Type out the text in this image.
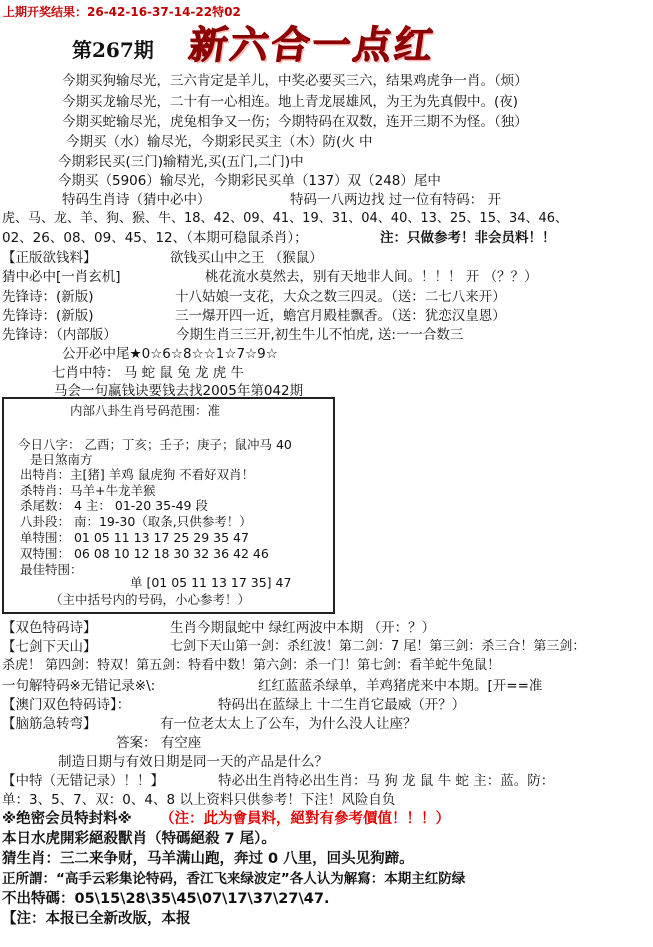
上期开奖结果：26-42-16-37-14-22特02
第267期 新六合一点红
今期买狗输尽光，三六肯定是羊儿，中奖必要买三六，结果鸡虎争一肖。（烦）
今期买龙输尽光，二十有一心相连。地上青龙展雄风，为王为先真假中。(夜)
今期买蛇输尽光，虎兔相争又一伤；今期特码在双数，连开三期不为怪。（独）
今期买（水）输尽光，今期彩民买主（木）防(火 中
今期彩民买(三门)输精光,买(五门,二门)中
今期买（5906）输尽光，今期彩民买单（137）双（248）尾中
特码生肖诗（猜中必中）	特码一八两边找 过一位有特码： 开
虎、马、龙、羊、狗、猴、牛、18、42、09、41、19、31、04、40、13、25、15、34、46、
02、26、08、09、45、12、（本期可稳鼠杀肖）；	注：只做参考！非会员料！！
【正版欲钱料】	欲钱买山中之王 （猴鼠）
猜中必中[一肖玄机]	桃花流水莫然去，别有天地非人间。！！！ 开 （？？）
先锋诗：(新版)	十八姑娘一支花，大众之数三四灵。（送：二七八来开）
先锋诗：(新版)	三一爆开四一近，蟾宫月殿桂飘香。（送：犹恋汉皇恩）
先锋诗：（内部版）	今期生肖三三开,初生牛儿不怕虎, 送:一一合数三
公开必中尾★0☆6☆8☆☆1☆7☆9☆
七肖中特： 马 蛇 鼠 兔 龙 虎 牛
马会一句赢钱诀要钱去找2005年第042期
内部八卦生肖号码范围：准
今日八字： 乙酉；丁亥；壬子；庚子；鼠冲马 40
是日煞南方
出特肖：主[猪] 羊鸡 鼠虎狗 不看好双肖！
杀特肖：马羊+牛龙羊猴
杀尾数： 4 主： 01-20 35-49 段
八卦段： 南：19-30（取条,只供参考！）
单特围： 01 05 11 13 17 25 29 35 47
双特围： 06 08 10 12 18 30 32 36 42 46
最佳特围：
单 [01 05 11 13 17 35] 47
（主中括号内的号码，小心参考！）
【双色特码诗】	生肖今期鼠蛇中 绿红两波中本期 （开：？）
【七剑下天山】	七剑下天山第一剑：杀红波！第二剑：7 尾！第三剑：杀三合！第三剑：
杀虎！ 第四剑：特双！第五剑：特看中数！第六剑：杀一门！第七剑：看羊蛇牛兔鼠！
一句解特码※无错记录※\:	红红蓝蓝杀绿单，羊鸡猪虎来中本期。[开==准
【澳门双色特码诗】：	特码出在蓝绿上 十二生肖它最威（开？）
【脑筋急转弯】	有一位老太太上了公车，为什么没人让座？
答案： 有空座
制造日期与有效日期是同一天的产品是什么？
【中特（无错记录）！！】	特必出生肖特必出生肖：马 狗 龙 鼠 牛 蛇 主：蓝。防：
单：3、5、7、双：0、4、8 以上资料只供参考！下注！风险自负
※绝密会员特封料※ （注：此为會員料，絕對有參考價值！！！）
本日水虎開彩絕殺獸肖（特碼絕殺 7 尾）。
猜生肖：三二来争财，马羊满山跑，奔过 0 八里，回头见狗蹄。
正所謂：“高手云彩集论特码，香江飞来绿波定”各人认为解寫：本期主红防绿
不出特碼：05\15\28\35\45\07\17\37\27\47.
【注：本报已全新改版，本报
